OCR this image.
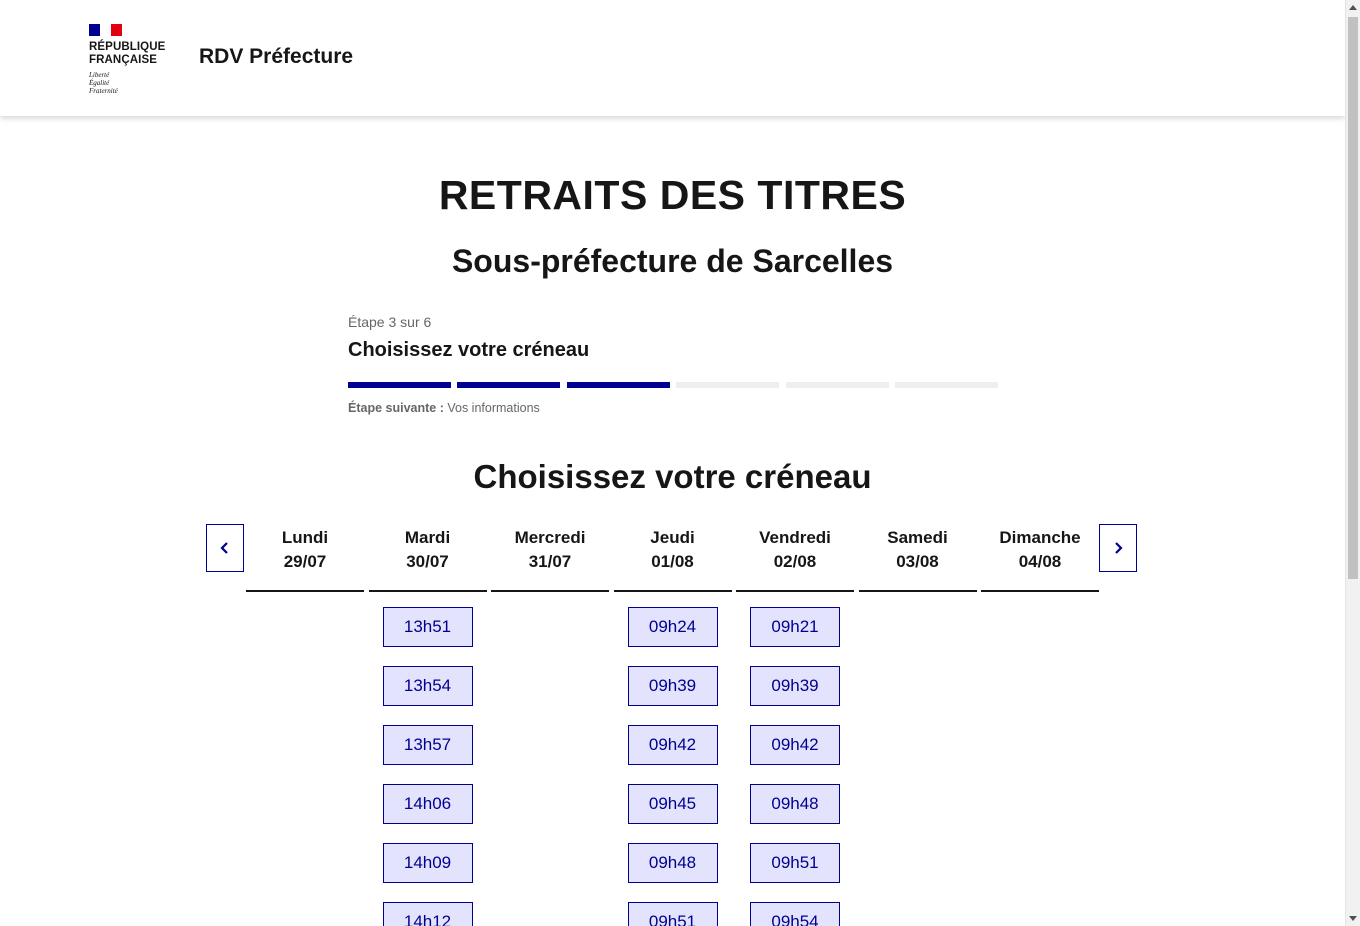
RÉPUBLIQUE
FRANÇAISE
Liberté
Égalité
Fraternité
RDV Préfecture
RETRAITS DES TITRES
Sous-préfecture de Sarcelles
Étape 3 sur 6
Choisissez votre créneau
Étape suivante : Vos informations
Choisissez votre créneau
Lundi
29/07
Mardi
30/07
13h51
13h54
13h57
14h06
14h09
14h12
Mercredi
31/07
Jeudi
01/08
09h24
09h39
09h42
09h45
09h48
09h51
Vendredi
02/08
09h21
09h39
09h42
09h48
09h51
09h54
Samedi
03/08
Dimanche
04/08
